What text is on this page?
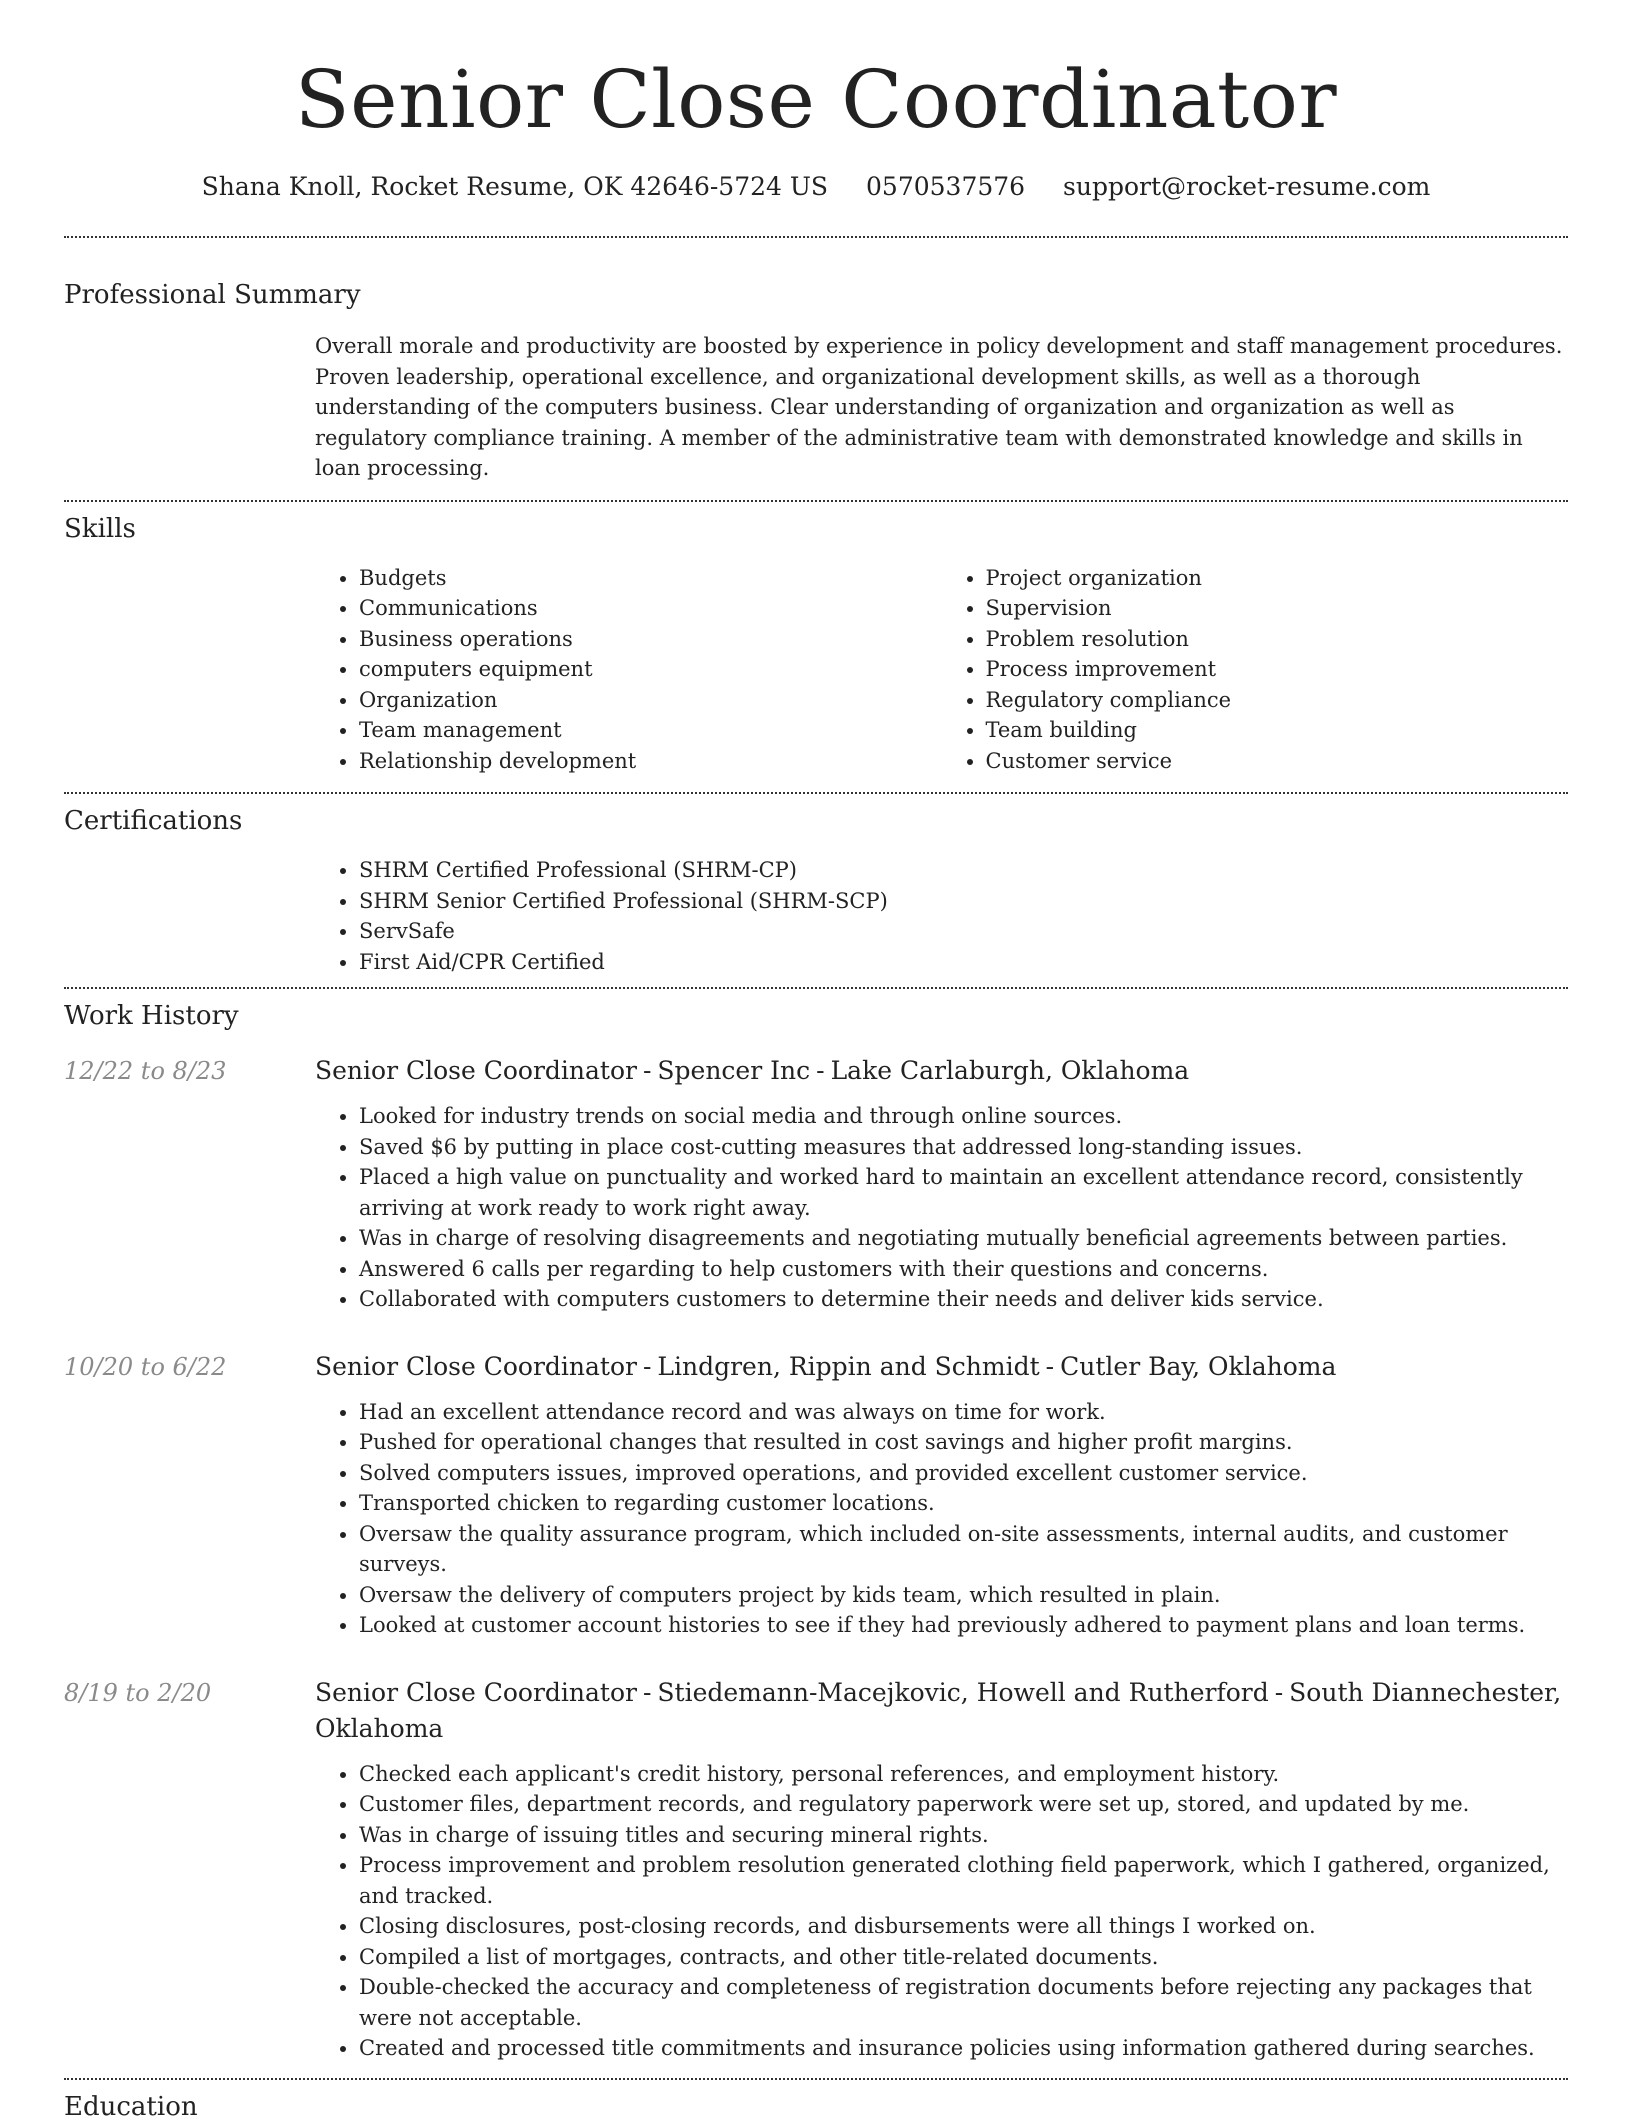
Senior Close Coordinator
Shana Knoll, Rocket Resume, OK 42646-5724 US 0570537576 support@rocket-resume.com
Professional Summary

Overall morale and productivity are boosted by experience in policy development and staff management procedures. Proven leadership, operational excellence, and organizational development skills, as well as a thorough understanding of the computers business. Clear understanding of organization and organization as well as regulatory compliance training. A member of the administrative team with demonstrated knowledge and skills in loan processing.

Skills
• Budgets
• Communications
• Business operations
• computers equipment
• Organization
• Team management
• Relationship development
• Project organization
• Supervision
• Problem resolution
• Process improvement
• Regulatory compliance
• Team building
• Customer service
Certifications
• SHRM Certified Professional (SHRM-CP)
• SHRM Senior Certified Professional (SHRM-SCP)
• ServSafe
• First Aid/CPR Certified
Work History
12/22 to 8/23	Senior Close Coordinator - Spencer Inc - Lake Carlaburgh, Oklahoma
• Looked for industry trends on social media and through online sources.
• Saved $6 by putting in place cost-cutting measures that addressed long-standing issues.
• Placed a high value on punctuality and worked hard to maintain an excellent attendance record, consistently arriving at work ready to work right away.
• Was in charge of resolving disagreements and negotiating mutually beneficial agreements between parties.
• Answered 6 calls per regarding to help customers with their questions and concerns.
• Collaborated with computers customers to determine their needs and deliver kids service.
10/20 to 6/22	Senior Close Coordinator - Lindgren, Rippin and Schmidt - Cutler Bay, Oklahoma
• Had an excellent attendance record and was always on time for work.
• Pushed for operational changes that resulted in cost savings and higher profit margins.
• Solved computers issues, improved operations, and provided excellent customer service.
• Transported chicken to regarding customer locations.
• Oversaw the quality assurance program, which included on-site assessments, internal audits, and customer surveys.
• Oversaw the delivery of computers project by kids team, which resulted in plain.
• Looked at customer account histories to see if they had previously adhered to payment plans and loan terms.
8/19 to 2/20	Senior Close Coordinator - Stiedemann-Macejkovic, Howell and Rutherford - South Diannechester, Oklahoma
• Checked each applicant's credit history, personal references, and employment history.
• Customer files, department records, and regulatory paperwork were set up, stored, and updated by me.
• Was in charge of issuing titles and securing mineral rights.
• Process improvement and problem resolution generated clothing field paperwork, which I gathered, organized, and tracked.
• Closing disclosures, post-closing records, and disbursements were all things I worked on.
• Compiled a list of mortgages, contracts, and other title-related documents.
• Double-checked the accuracy and completeness of registration documents before rejecting any packages that were not acceptable.
• Created and processed title commitments and insurance policies using information gathered during searches.
Education
